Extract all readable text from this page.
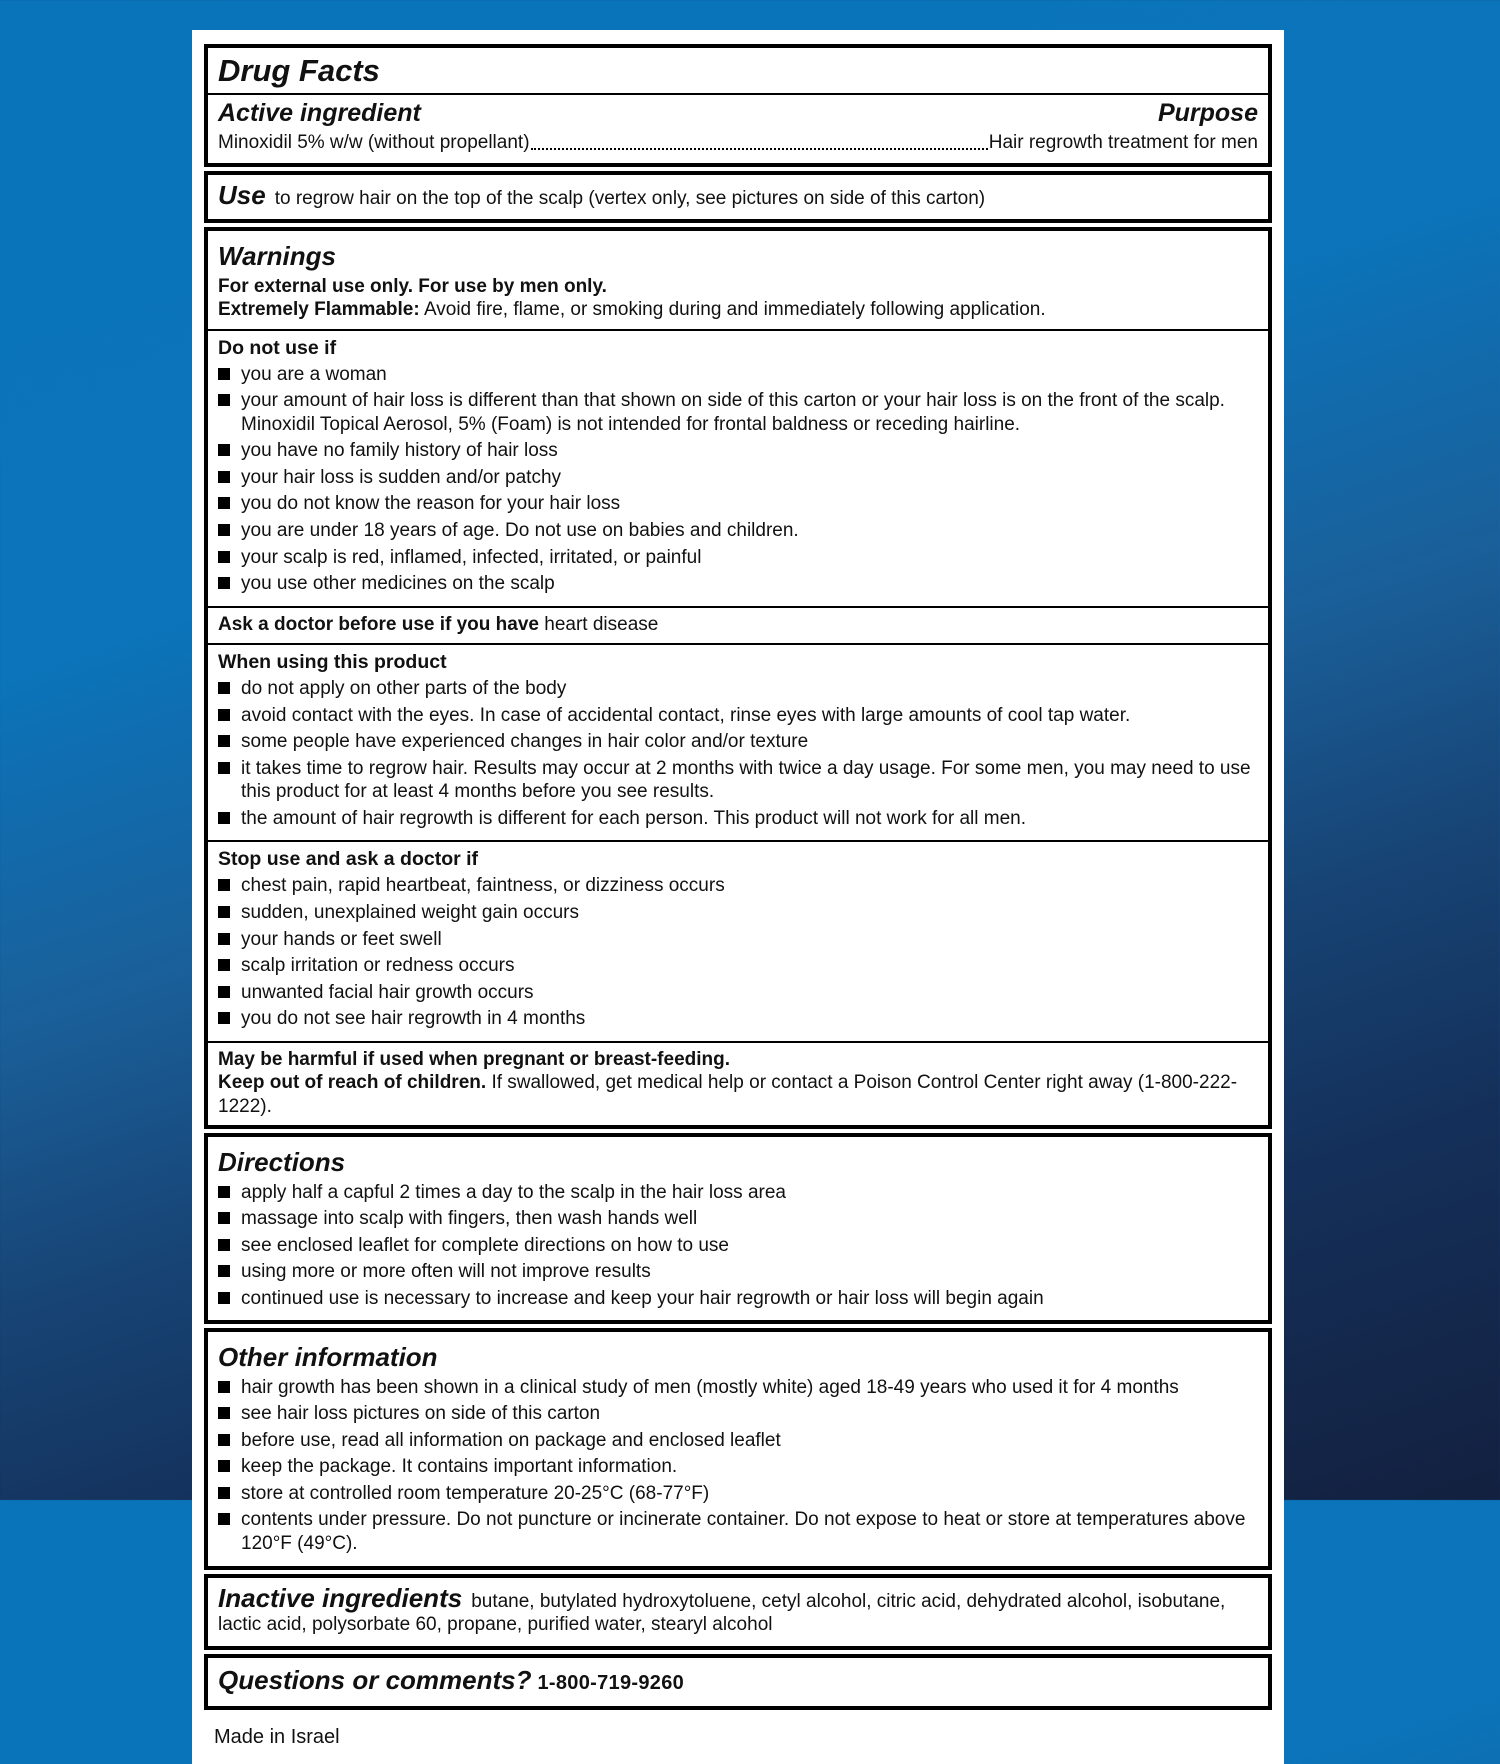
Drug Facts
Active ingredient	Purpose
Minoxidil 5% w/w (without propellant)	Hair regrowth treatment for men

Use to regrow hair on the top of the scalp (vertex only, see pictures on side of this carton)

Warnings

For external use only. For use by men only.

Extremely Flammable: Avoid fire, flame, or smoking during and immediately following application.

Do not use if
you are a woman
your amount of hair loss is different than that shown on side of this carton or your hair loss is on the front of the scalp. Minoxidil Topical Aerosol, 5% (Foam) is not intended for frontal baldness or receding hairline.
you have no family history of hair loss
your hair loss is sudden and/or patchy
you do not know the reason for your hair loss
you are under 18 years of age. Do not use on babies and children.
your scalp is red, inflamed, infected, irritated, or painful
you use other medicines on the scalp

Ask a doctor before use if you have heart disease

When using this product
do not apply on other parts of the body
avoid contact with the eyes. In case of accidental contact, rinse eyes with large amounts of cool tap water.
some people have experienced changes in hair color and/or texture
it takes time to regrow hair. Results may occur at 2 months with twice a day usage. For some men, you may need to use this product for at least 4 months before you see results.
the amount of hair regrowth is different for each person. This product will not work for all men.
Stop use and ask a doctor if
chest pain, rapid heartbeat, faintness, or dizziness occurs
sudden, unexplained weight gain occurs
your hands or feet swell
scalp irritation or redness occurs
unwanted facial hair growth occurs
you do not see hair regrowth in 4 months

May be harmful if used when pregnant or breast-feeding.

Keep out of reach of children. If swallowed, get medical help or contact a Poison Control Center right away (1-800-222-1222).

Directions
apply half a capful 2 times a day to the scalp in the hair loss area
massage into scalp with fingers, then wash hands well
see enclosed leaflet for complete directions on how to use
using more or more often will not improve results
continued use is necessary to increase and keep your hair regrowth or hair loss will begin again
Other information
hair growth has been shown in a clinical study of men (mostly white) aged 18-49 years who used it for 4 months
see hair loss pictures on side of this carton
before use, read all information on package and enclosed leaflet
keep the package. It contains important information.
store at controlled room temperature 20-25°C (68-77°F)
contents under pressure. Do not puncture or incinerate container. Do not expose to heat or store at temperatures above 120°F (49°C).

Inactive ingredients butane, butylated hydroxytoluene, cetyl alcohol, citric acid, dehydrated alcohol, isobutane, lactic acid, polysorbate 60, propane, purified water, stearyl alcohol

Questions or comments? 1-800-719-9260

Made in Israel
